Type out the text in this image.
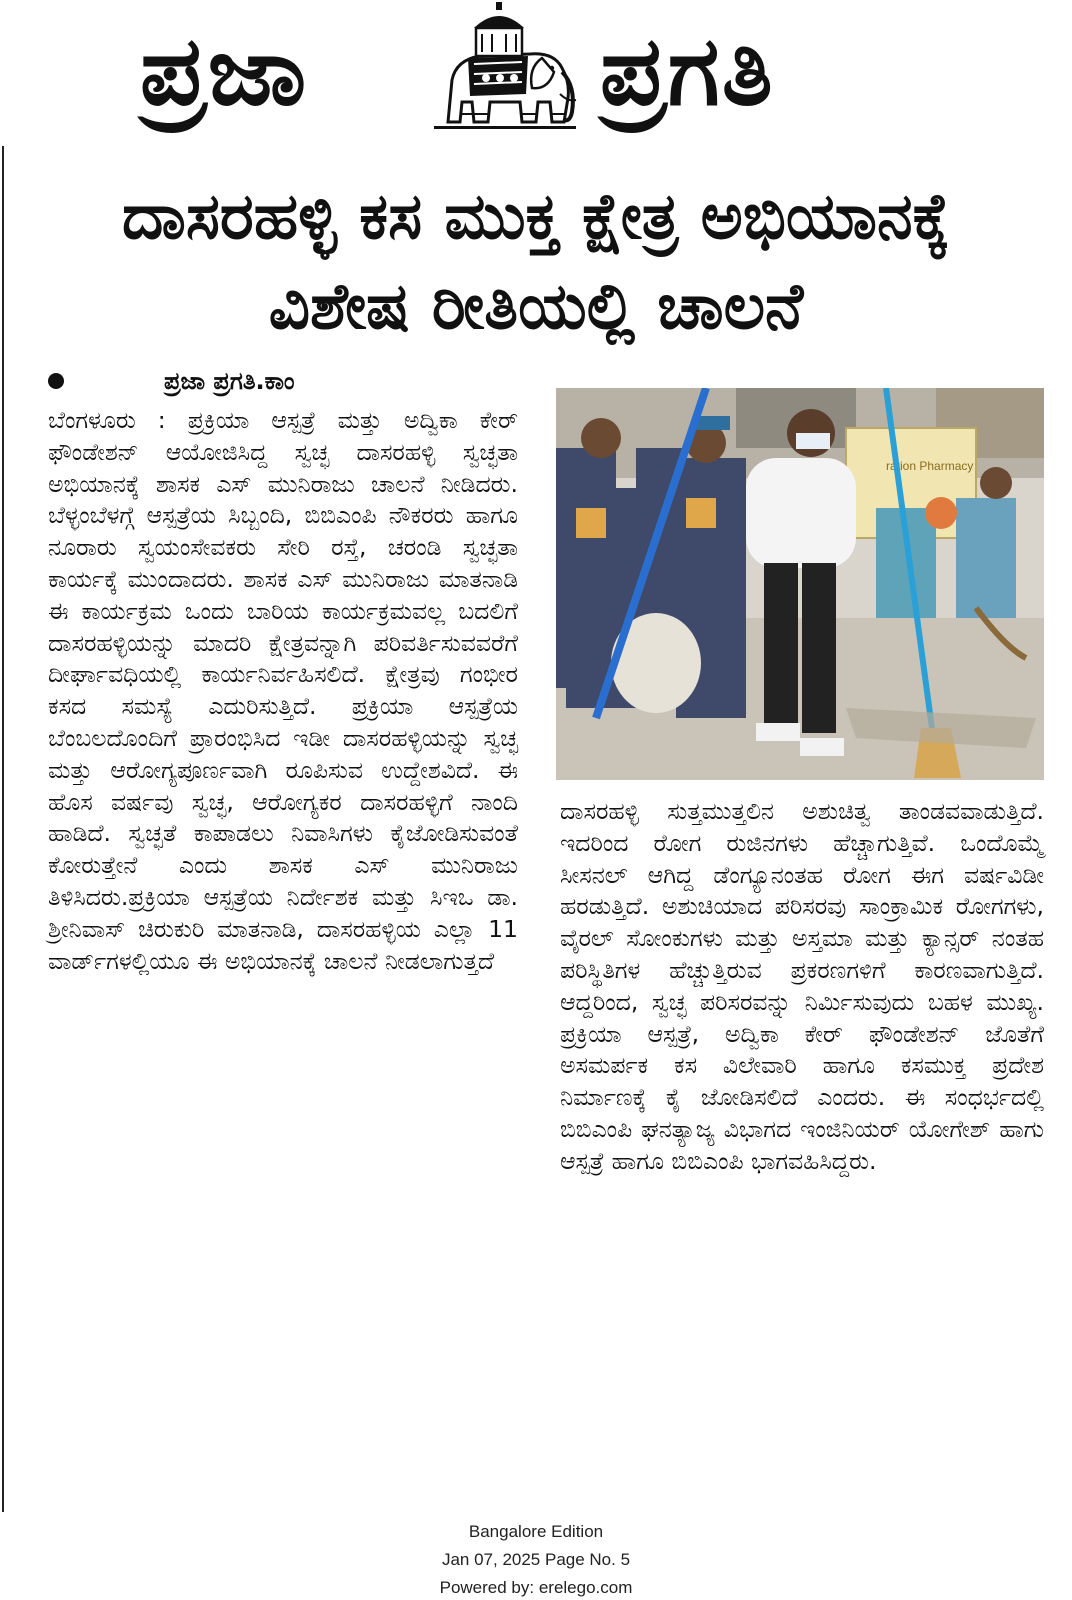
ಪ್ರಜಾ	ಪ್ರಗತಿ
ದಾಸರಹಳ್ಳಿ ಕಸ ಮುಕ್ತ ಕ್ಷೇತ್ರ ಅಭಿಯಾನಕ್ಕೆ
ವಿಶೇಷ ರೀತಿಯಲ್ಲಿ ಚಾಲನೆ
ಪ್ರಜಾ ಪ್ರಗತಿ.ಕಾಂ
ಬೆಂಗಳೂರು : ಪ್ರಕ್ರಿಯಾ ಆಸ್ಪತ್ರೆ ಮತ್ತು ಅದ್ವಿಕಾ ಕೇರ್ ಫೌಂಡೇಶನ್ ಆಯೋಜಿಸಿದ್ದ ಸ್ವಚ್ಛ ದಾಸರಹಳ್ಳಿ ಸ್ವಚ್ಛತಾ ಅಭಿಯಾನಕ್ಕೆ ಶಾಸಕ ಎಸ್ ಮುನಿರಾಜು ಚಾಲನೆ ನೀಡಿದರು. ಬೆಳ್ಳಂಬೆಳಗ್ಗೆ ಆಸ್ಪತ್ರೆಯ ಸಿಬ್ಬಂದಿ, ಬಿಬಿಎಂಪಿ ನೌಕರರು ಹಾಗೂ ನೂರಾರು ಸ್ವಯಂಸೇವಕರು ಸೇರಿ ರಸ್ತೆ, ಚರಂಡಿ ಸ್ವಚ್ಛತಾ ಕಾರ್ಯಕ್ಕೆ ಮುಂದಾದರು. ಶಾಸಕ ಎಸ್ ಮುನಿರಾಜು ಮಾತನಾಡಿ ಈ ಕಾರ್ಯಕ್ರಮ ಒಂದು ಬಾರಿಯ ಕಾರ್ಯಕ್ರಮವಲ್ಲ ಬದಲಿಗೆ ದಾಸರಹಳ್ಳಿಯನ್ನು ಮಾದರಿ ಕ್ಷೇತ್ರವನ್ನಾಗಿ ಪರಿವರ್ತಿಸುವವರೆಗೆ ದೀರ್ಘಾವಧಿಯಲ್ಲಿ ಕಾರ್ಯನಿರ್ವಹಿಸಲಿದೆ. ಕ್ಷೇತ್ರವು ಗಂಭೀರ ಕಸದ ಸಮಸ್ಯೆ ಎದುರಿಸುತ್ತಿದೆ. ಪ್ರಕ್ರಿಯಾ ಆಸ್ಪತ್ರೆಯ ಬೆಂಬಲದೊಂದಿಗೆ ಪ್ರಾರಂಭಿಸಿದ ಇಡೀ ದಾಸರಹಳ್ಳಿಯನ್ನು ಸ್ವಚ್ಛ ಮತ್ತು ಆರೋಗ್ಯಪೂರ್ಣವಾಗಿ ರೂಪಿಸುವ ಉದ್ದೇಶವಿದೆ. ಈ ಹೊಸ ವರ್ಷವು ಸ್ವಚ್ಛ, ಆರೋಗ್ಯಕರ ದಾಸರಹಳ್ಳಿಗೆ ನಾಂದಿ ಹಾಡಿದೆ. ಸ್ವಚ್ಛತೆ ಕಾಪಾಡಲು ನಿವಾಸಿಗಳು ಕೈಜೋಡಿಸುವಂತೆ ಕೋರುತ್ತೇನೆ ಎಂದು ಶಾಸಕ ಎಸ್ ಮುನಿರಾಜು ತಿಳಿಸಿದರು.ಪ್ರಕ್ರಿಯಾ ಆಸ್ಪತ್ರೆಯ ನಿರ್ದೇಶಕ ಮತ್ತು ಸಿಇಒ ಡಾ. ಶ್ರೀನಿವಾಸ್ ಚಿರುಕುರಿ ಮಾತನಾಡಿ, ದಾಸರಹಳ್ಳಿಯ ಎಲ್ಲಾ 11 ವಾರ್ಡ್‌ಗಳಲ್ಲಿಯೂ ಈ ಅಭಿಯಾನಕ್ಕೆ ಚಾಲನೆ ನೀಡಲಾಗುತ್ತದೆ
ration Pharmacy
ದಾಸರಹಳ್ಳಿ ಸುತ್ತಮುತ್ತಲಿನ ಅಶುಚಿತ್ವ ತಾಂಡವವಾಡುತ್ತಿದೆ. ಇದರಿಂದ ರೋಗ ರುಜಿನಗಳು ಹೆಚ್ಚಾಗುತ್ತಿವೆ. ಒಂದೊಮ್ಮೆ ಸೀಸನಲ್ ಆಗಿದ್ದ ಡೆಂಗ್ಯೂನಂತಹ ರೋಗ ಈಗ ವರ್ಷವಿಡೀ ಹರಡುತ್ತಿದೆ. ಅಶುಚಿಯಾದ ಪರಿಸರವು ಸಾಂಕ್ರಾಮಿಕ ರೋಗಗಳು, ವೈರಲ್ ಸೋಂಕುಗಳು ಮತ್ತು ಅಸ್ತಮಾ ಮತ್ತು ಕ್ಯಾನ್ಸರ್ ನಂತಹ ಪರಿಸ್ಥಿತಿಗಳ ಹೆಚ್ಚುತ್ತಿರುವ ಪ್ರಕರಣಗಳಿಗೆ ಕಾರಣವಾಗುತ್ತಿದೆ. ಆದ್ದರಿಂದ, ಸ್ವಚ್ಛ ಪರಿಸರವನ್ನು ನಿರ್ಮಿಸುವುದು ಬಹಳ ಮುಖ್ಯ. ಪ್ರಕ್ರಿಯಾ ಆಸ್ಪತ್ರೆ, ಅದ್ವಿಕಾ ಕೇರ್ ಫೌಂಡೇಶನ್ ಜೊತೆಗೆ ಅಸಮರ್ಪಕ ಕಸ ವಿಲೇವಾರಿ ಹಾಗೂ ಕಸಮುಕ್ತ ಪ್ರದೇಶ ನಿರ್ಮಾಣಕ್ಕೆ ಕೈ ಜೋಡಿಸಲಿದೆ ಎಂದರು. ಈ ಸಂಧರ್ಭದಲ್ಲಿ ಬಿಬಿಎಂಪಿ ಘನತ್ಯಾಜ್ಯ ವಿಭಾಗದ ಇಂಜಿನಿಯರ್ ಯೋಗೇಶ್ ಹಾಗು ಆಸ್ಪತ್ರೆ ಹಾಗೂ ಬಿಬಿಎಂಪಿ ಭಾಗವಹಿಸಿದ್ದರು.
Bangalore Edition
Jan 07, 2025 Page No. 5
Powered by: erelego.com
